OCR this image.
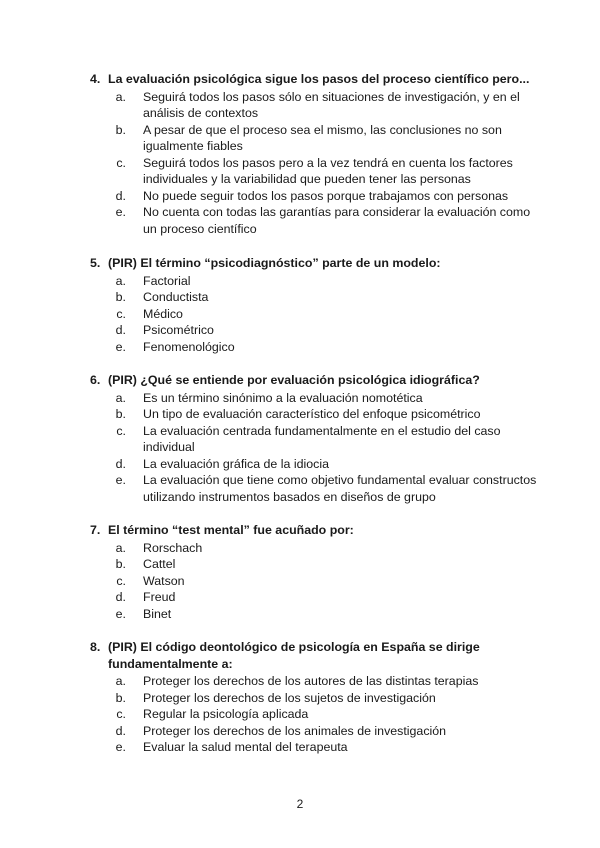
4. La evaluación psicológica sigue los pasos del proceso científico pero...
a.	Seguirá todos los pasos sólo en situaciones de investigación, y en el análisis de contextos
b.	A pesar de que el proceso sea el mismo, las conclusiones no son igualmente fiables
c.	Seguirá todos los pasos pero a la vez tendrá en cuenta los factores individuales y la variabilidad que pueden tener las personas
d.	No puede seguir todos los pasos porque trabajamos con personas
e.	No cuenta con todas las garantías para considerar la evaluación como un proceso científico
5. (PIR) El término “psicodiagnóstico” parte de un modelo:
a.	Factorial
b.	Conductista
c.	Médico
d.	Psicométrico
e.	Fenomenológico
6. (PIR) ¿Qué se entiende por evaluación psicológica idiográfica?
a.	Es un término sinónimo a la evaluación nomotética
b.	Un tipo de evaluación característico del enfoque psicométrico
c.	La evaluación centrada fundamentalmente en el estudio del caso individual
d.	La evaluación gráfica de la idiocia
e.	La evaluación que tiene como objetivo fundamental evaluar constructos utilizando instrumentos basados en diseños de grupo
7. El término “test mental” fue acuñado por:
a.	Rorschach
b.	Cattel
c.	Watson
d.	Freud
e.	Binet
8. (PIR) El código deontológico de psicología en España se dirige fundamentalmente a:
a.	Proteger los derechos de los autores de las distintas terapias
b.	Proteger los derechos de los sujetos de investigación
c.	Regular la psicología aplicada
d.	Proteger los derechos de los animales de investigación
e.	Evaluar la salud mental del terapeuta
2
